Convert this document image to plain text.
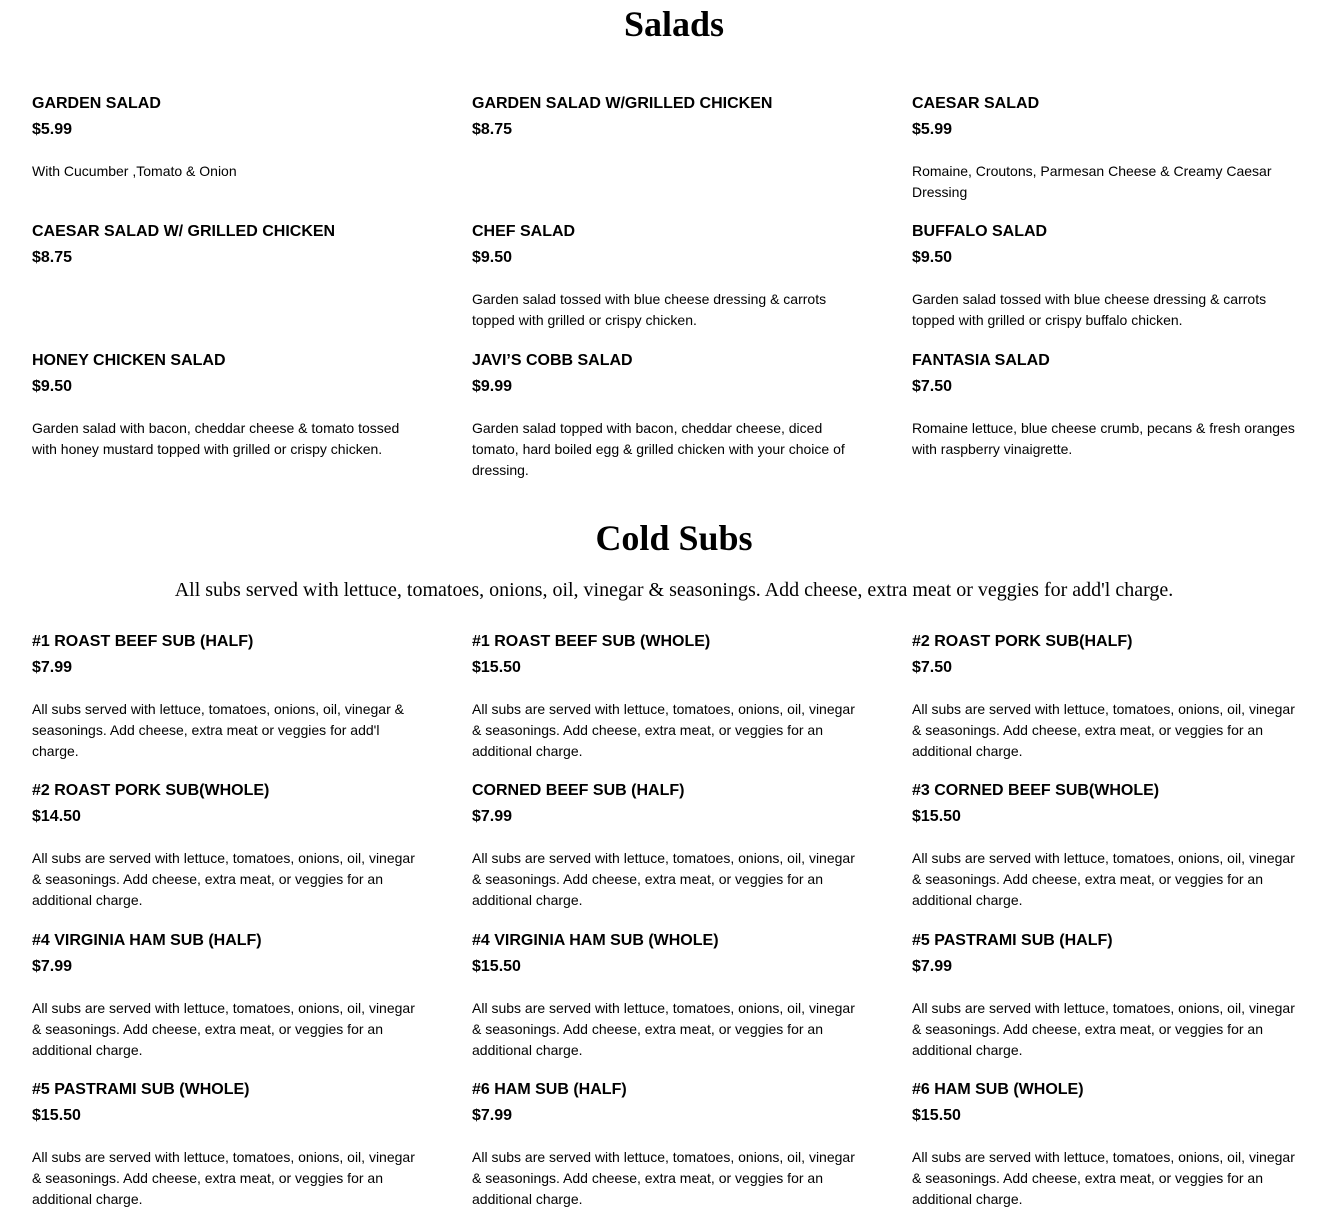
Salads
GARDEN SALAD
$5.99
With Cucumber ,Tomato & Onion
GARDEN SALAD W/GRILLED CHICKEN
$8.75
CAESAR SALAD
$5.99
Romaine, Croutons, Parmesan Cheese & Creamy Caesar Dressing
CAESAR SALAD W/ GRILLED CHICKEN
$8.75
CHEF SALAD
$9.50
Garden salad tossed with blue cheese dressing & carrots topped with grilled or crispy chicken.
BUFFALO SALAD
$9.50
Garden salad tossed with blue cheese dressing & carrots topped with grilled or crispy buffalo chicken.
HONEY CHICKEN SALAD
$9.50
Garden salad with bacon, cheddar cheese & tomato tossed with honey mustard topped with grilled or crispy chicken.
JAVI’S COBB SALAD
$9.99
Garden salad topped with bacon, cheddar cheese, diced tomato, hard boiled egg & grilled chicken with your choice of dressing.
FANTASIA SALAD
$7.50
Romaine lettuce, blue cheese crumb, pecans & fresh oranges with raspberry vinaigrette.
Cold Subs

All subs served with lettuce, tomatoes, onions, oil, vinegar & seasonings. Add cheese, extra meat or veggies for add'l charge.

#1 ROAST BEEF SUB (HALF)
$7.99
All subs served with lettuce, tomatoes, onions, oil, vinegar & seasonings. Add cheese, extra meat or veggies for add'l charge.
#1 ROAST BEEF SUB (WHOLE)
$15.50
All subs are served with lettuce, tomatoes, onions, oil, vinegar & seasonings. Add cheese, extra meat, or veggies for an additional charge.
#2 ROAST PORK SUB(HALF)
$7.50
All subs are served with lettuce, tomatoes, onions, oil, vinegar & seasonings. Add cheese, extra meat, or veggies for an additional charge.
#2 ROAST PORK SUB(WHOLE)
$14.50
All subs are served with lettuce, tomatoes, onions, oil, vinegar & seasonings. Add cheese, extra meat, or veggies for an additional charge.
CORNED BEEF SUB (HALF)
$7.99
All subs are served with lettuce, tomatoes, onions, oil, vinegar & seasonings. Add cheese, extra meat, or veggies for an additional charge.
#3 CORNED BEEF SUB(WHOLE)
$15.50
All subs are served with lettuce, tomatoes, onions, oil, vinegar & seasonings. Add cheese, extra meat, or veggies for an additional charge.
#4 VIRGINIA HAM SUB (HALF)
$7.99
All subs are served with lettuce, tomatoes, onions, oil, vinegar & seasonings. Add cheese, extra meat, or veggies for an additional charge.
#4 VIRGINIA HAM SUB (WHOLE)
$15.50
All subs are served with lettuce, tomatoes, onions, oil, vinegar & seasonings. Add cheese, extra meat, or veggies for an additional charge.
#5 PASTRAMI SUB (HALF)
$7.99
All subs are served with lettuce, tomatoes, onions, oil, vinegar & seasonings. Add cheese, extra meat, or veggies for an additional charge.
#5 PASTRAMI SUB (WHOLE)
$15.50
All subs are served with lettuce, tomatoes, onions, oil, vinegar & seasonings. Add cheese, extra meat, or veggies for an additional charge.
#6 HAM SUB (HALF)
$7.99
All subs are served with lettuce, tomatoes, onions, oil, vinegar & seasonings. Add cheese, extra meat, or veggies for an additional charge.
#6 HAM SUB (WHOLE)
$15.50
All subs are served with lettuce, tomatoes, onions, oil, vinegar & seasonings. Add cheese, extra meat, or veggies for an additional charge.
